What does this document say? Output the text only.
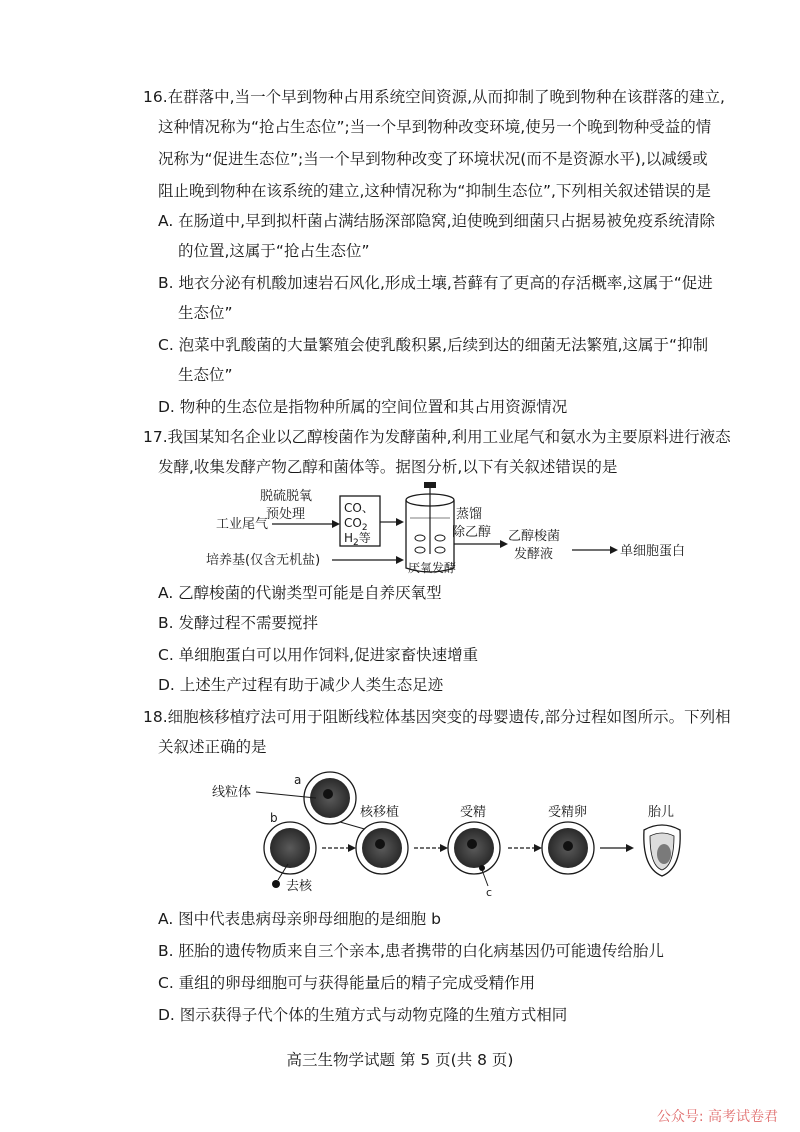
16.在群落中,当一个早到物种占用系统空间资源,从而抑制了晚到物种在该群落的建立,
这种情况称为“抢占生态位”;当一个早到物种改变环境,使另一个晚到物种受益的情
况称为“促进生态位”;当一个早到物种改变了环境状况(而不是资源水平),以减缓或
阻止晚到物种在该系统的建立,这种情况称为“抑制生态位”,下列相关叙述错误的是
A. 在肠道中,早到拟杆菌占满结肠深部隐窝,迫使晚到细菌只占据易被免疫系统清除
的位置,这属于“抢占生态位”
B. 地衣分泌有机酸加速岩石风化,形成土壤,苔藓有了更高的存活概率,这属于“促进
生态位”
C. 泡菜中乳酸菌的大量繁殖会使乳酸积累,后续到达的细菌无法繁殖,这属于“抑制
生态位”
D. 物种的生态位是指物种所属的空间位置和其占用资源情况
17.我国某知名企业以乙醇梭菌作为发酵菌种,利用工业尾气和氨水为主要原料进行液态
发酵,收集发酵产物乙醇和菌体等。据图分析,以下有关叙述错误的是
工业尾气
脱硫脱氧
预处理	CO、
$CO_2$
$H_2$等
厌氧发酵
培养基(仅含无机盐)
蒸馏
除乙醇 乙醇梭菌
发酵液	单细胞蛋白
A. 乙醇梭菌的代谢类型可能是自养厌氧型
B. 发酵过程不需要搅拌
C. 单细胞蛋白可以用作饲料,促进家畜快速增重
D. 上述生产过程有助于减少人类生态足迹
18.细胞核移植疗法可用于阻断线粒体基因突变的母婴遗传,部分过程如图所示。下列相
关叙述正确的是
线粒体
a
b
去核
核移植	受精
c
受精卵	胎儿
A. 图中代表患病母亲卵母细胞的是细胞 b
B. 胚胎的遗传物质来自三个亲本,患者携带的白化病基因仍可能遗传给胎儿
C. 重组的卵母细胞可与获得能量后的精子完成受精作用
D. 图示获得子代个体的生殖方式与动物克隆的生殖方式相同
高三生物学试题 第 5 页(共 8 页)
公众号: 高考试卷君
